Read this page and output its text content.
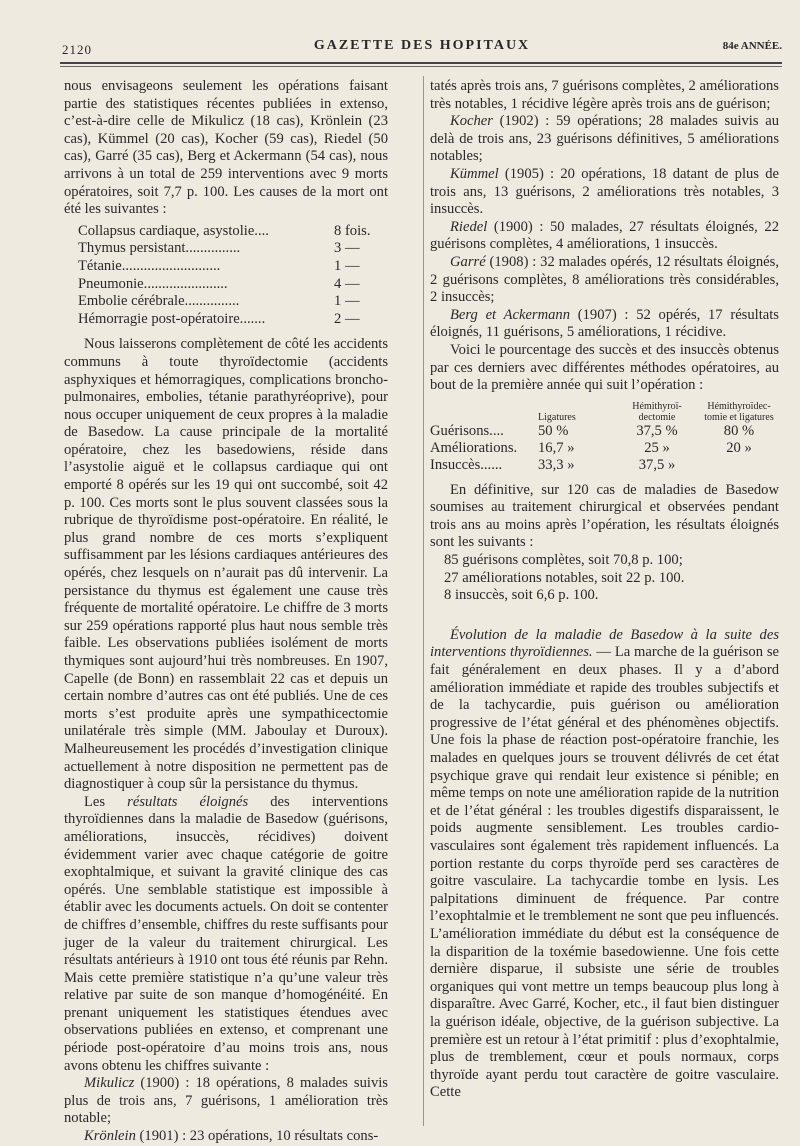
2120	GAZETTE DES HOPITAUX	84e ANNÉE.

nous envisageons seulement les opérations faisant partie des statistiques récentes publiées in extenso, c’est-à-dire celle de Mikulicz (18 cas), Krönlein (23 cas), Kümmel (20 cas), Kocher (59 cas), Riedel (50 cas), Garré (35 cas), Berg et Ackermann (54 cas), nous arrivons à un total de 259 interventions avec 9 morts opératoires, soit 7,7 p. 100. Les causes de la mort ont été les suivantes :

Collapsus cardiaque, asystolie....	8 fois.
Thymus persistant...............	3 —
Tétanie...........................	1 —
Pneumonie.......................	4 —
Embolie cérébrale...............	1 —
Hémorragie post-opératoire.......	2 —

Nous laisserons complètement de côté les accidents communs à toute thyroïdectomie (accidents asphyxiques et hémorragiques, complications broncho-pulmonaires, embolies, tétanie parathyréoprive), pour nous occuper uniquement de ceux propres à la maladie de Basedow. La cause principale de la mortalité opératoire, chez les basedowiens, réside dans l’asystolie aiguë et le collapsus cardiaque qui ont emporté 8 opérés sur les 19 qui ont succombé, soit 42 p. 100. Ces morts sont le plus souvent classées sous la rubrique de thyroïdisme post-opératoire. En réalité, le plus grand nombre de ces morts s’expliquent suffisamment par les lésions cardiaques antérieures des opérés, chez lesquels on n’aurait pas dû intervenir. La persistance du thymus est également une cause très fréquente de mortalité opératoire. Le chiffre de 3 morts sur 259 opérations rapporté plus haut nous semble très faible. Les observations publiées isolément de morts thymiques sont aujourd’hui très nombreuses. En 1907, Capelle (de Bonn) en rassemblait 22 cas et depuis un certain nombre d’autres cas ont été publiés. Une de ces morts s’est produite après une sympathicectomie unilatérale très simple (MM. Jaboulay et Duroux). Malheureusement les procédés d’investigation clinique actuellement à notre disposition ne permettent pas de diagnostiquer à coup sûr la persistance du thymus.

Les résultats éloignés des interventions thyroïdiennes dans la maladie de Basedow (guérisons, améliorations, insuccès, récidives) doivent évidemment varier avec chaque catégorie de goitre exophtalmique, et suivant la gravité clinique des cas opérés. Une semblable statistique est impossible à établir avec les documents actuels. On doit se contenter de chiffres d’ensemble, chiffres du reste suffisants pour juger de la valeur du traitement chirurgical. Les résultats antérieurs à 1910 ont tous été réunis par Rehn. Mais cette première statistique n’a qu’une valeur très relative par suite de son manque d’homogénéité. En prenant uniquement les statistiques étendues avec observations publiées en extenso, et comprenant une période post-opératoire d’au moins trois ans, nous avons obtenu les chiffres suivante :

Mikulicz (1900) : 18 opérations, 8 malades suivis plus de trois ans, 7 guérisons, 1 amélioration très notable;

Krönlein (1901) : 23 opérations, 10 résultats cons-

tatés après trois ans, 7 guérisons complètes, 2 améliorations très notables, 1 récidive légère après trois ans de guérison;

Kocher (1902) : 59 opérations; 28 malades suivis au delà de trois ans, 23 guérisons définitives, 5 améliorations notables;

Kümmel (1905) : 20 opérations, 18 datant de plus de trois ans, 13 guérisons, 2 améliorations très notables, 3 insuccès.

Riedel (1900) : 50 malades, 27 résultats éloignés, 22 guérisons complètes, 4 améliorations, 1 insuccès.

Garré (1908) : 32 malades opérés, 12 résultats éloignés, 2 guérisons complètes, 8 améliorations très considérables, 2 insuccès;

Berg et Ackermann (1907) : 52 opérés, 17 résultats éloignés, 11 guérisons, 5 améliorations, 1 récidive.

Voici le pourcentage des succès et des insuccès obtenus par ces derniers avec différentes méthodes opératoires, au bout de la première année qui suit l’opération :

Ligatures
Hémithyroï-dectomie
Hémithyroïdec-tomie et ligatures
Guérisons....	50 %	37,5 %	80 %
Améliorations.	16,7 »	25 »	20 »
Insuccès......	33,3 »	37,5 »

En définitive, sur 120 cas de maladies de Basedow soumises au traitement chirurgical et observées pendant trois ans au moins après l’opération, les résultats éloignés sont les suivants :

85 guérisons complètes, soit 70,8 p. 100;

27 améliorations notables, soit 22 p. 100.

8 insuccès, soit 6,6 p. 100.

Évolution de la maladie de Basedow à la suite des interventions thyroïdiennes. — La marche de la guérison se fait généralement en deux phases. Il y a d’abord amélioration immédiate et rapide des troubles subjectifs et de la tachycardie, puis guérison ou amélioration progressive de l’état général et des phénomènes objectifs. Une fois la phase de réaction post-opératoire franchie, les malades en quelques jours se trouvent délivrés de cet état psychique grave qui rendait leur existence si pénible; en même temps on note une amélioration rapide de la nutrition et de l’état général : les troubles digestifs disparaissent, le poids augmente sensiblement. Les troubles cardio-vasculaires sont également très rapidement influencés. La portion restante du corps thyroïde perd ses caractères de goitre vasculaire. La tachycardie tombe en lysis. Les palpitations diminuent de fréquence. Par contre l’exophtalmie et le tremblement ne sont que peu influencés. L’amélioration immédiate du début est la conséquence de la disparition de la toxémie basedowienne. Une fois cette dernière disparue, il subsiste une série de troubles organiques qui vont mettre un temps beaucoup plus long à disparaître. Avec Garré, Kocher, etc., il faut bien distinguer la guérison idéale, objective, de la guérison subjective. La première est un retour à l’état primitif : plus d’exophtalmie, plus de tremblement, cœur et pouls normaux, corps thyroïde ayant perdu tout caractère de goitre vasculaire. Cette
